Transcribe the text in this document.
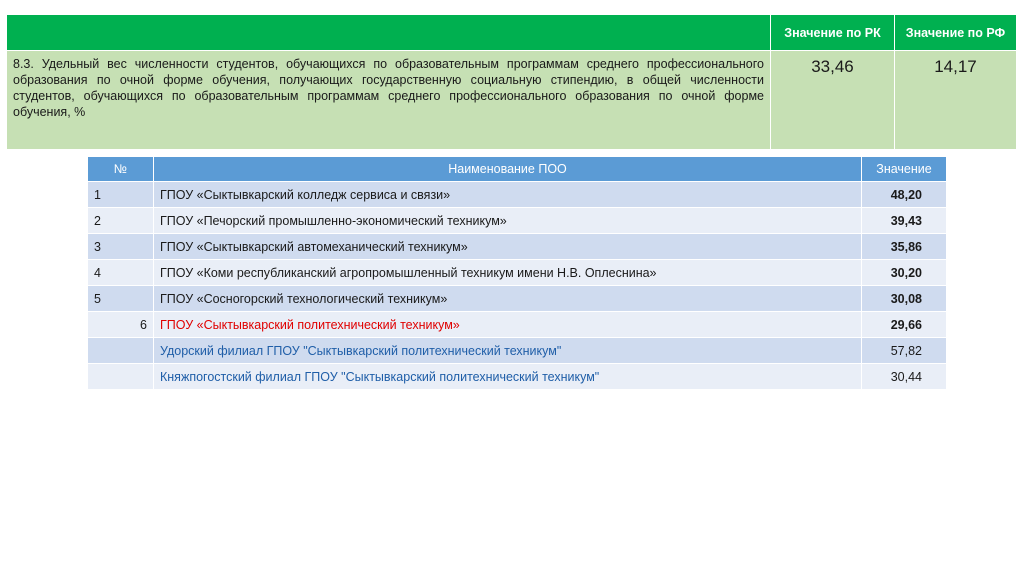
	Значение по РК	Значение по РФ

8.3. Удельный вес численности студентов, обучающихся по образовательным программам среднего профессионального образования по очной форме обучения, получающих государственную социальную стипендию, в общей численности студентов, обучающихся по образовательным программам среднего профессионального образования по очной форме обучения, %	33,46	14,17
№	Наименование ПОО	Значение
1	ГПОУ «Сыктывкарский колледж сервиса и связи»	48,20
2	ГПОУ «Печорский промышленно-экономический техникум»	39,43
3	ГПОУ «Сыктывкарский автомеханический техникум»	35,86
4	ГПОУ «Коми республиканский агропромышленный техникум имени Н.В. Оплеснина»	30,20
5	ГПОУ «Сосногорский технологический техникум»	30,08
6	ГПОУ «Сыктывкарский политехнический техникум»	29,66
	Удорский филиал ГПОУ "Сыктывкарский политехнический техникум"	57,82
	Княжпогостский филиал ГПОУ "Сыктывкарский политехнический техникум"	30,44
